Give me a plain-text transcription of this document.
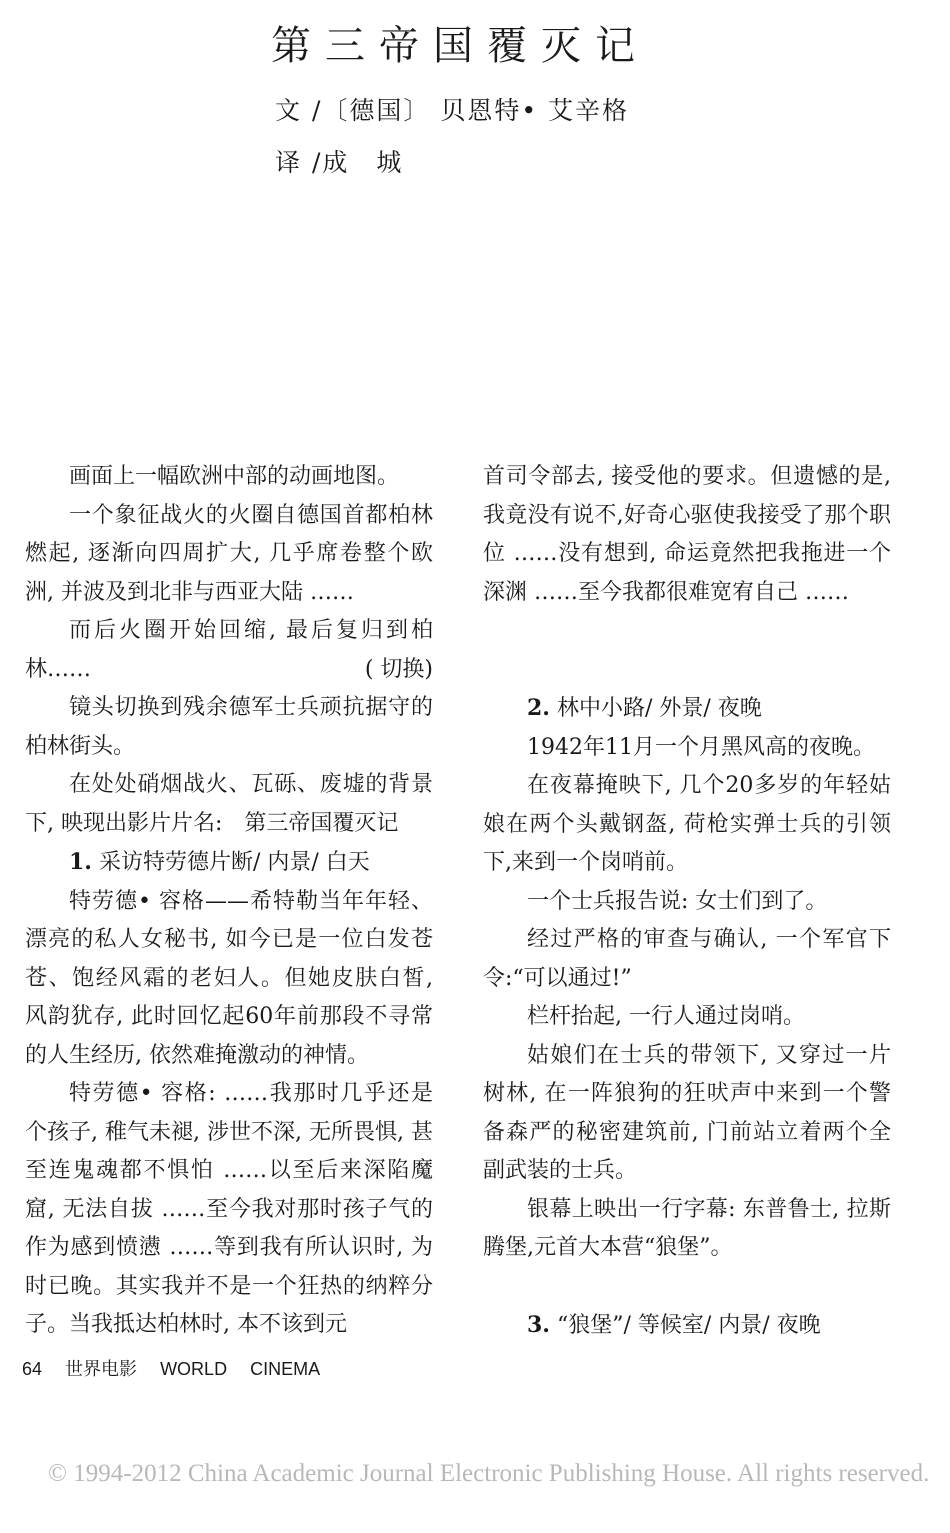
第三帝国覆灭记
文 /〔德国〕 贝恩特• 艾辛格
译 /成　城

画面上一幅欧洲中部的动画地图。

一个象征战火的火圈自德国首都柏林燃起, 逐渐向四周扩大, 几乎席卷整个欧洲, 并波及到北非与西亚大陆 ……

而后火圈开始回缩, 最后复归到柏林……	( 切换)

镜头切换到残余德军士兵顽抗据守的柏林街头。

在处处硝烟战火、瓦砾、废墟的背景下, 映现出影片片名:　第三帝国覆灭记

1. 采访特劳德片断/ 内景/ 白天

特劳德• 容格——希特勒当年年轻、漂亮的私人女秘书, 如今已是一位白发苍苍、饱经风霜的老妇人。但她皮肤白皙, 风韵犹存, 此时回忆起60年前那段不寻常的人生经历, 依然难掩激动的神情。

特劳德• 容格: ……我那时几乎还是个孩子, 稚气未褪, 涉世不深, 无所畏惧, 甚至连鬼魂都不惧怕 ……以至后来深陷魔窟, 无法自拔 ……至今我对那时孩子气的作为感到愤懑 ……等到我有所认识时, 为时已晚。其实我并不是一个狂热的纳粹分子。当我抵达柏林时, 本不该到元

首司令部去, 接受他的要求。但遗憾的是, 我竟没有说不,好奇心驱使我接受了那个职位 ……没有想到, 命运竟然把我拖进一个深渊 ……至今我都很难宽宥自己 ……

2. 林中小路/ 外景/ 夜晚

1942年11月一个月黑风高的夜晚。

在夜幕掩映下, 几个20多岁的年轻姑娘在两个头戴钢盔, 荷枪实弹士兵的引领下,来到一个岗哨前。

一个士兵报告说: 女士们到了。

经过严格的审查与确认, 一个军官下令:“可以通过!”

栏杆抬起, 一行人通过岗哨。

姑娘们在士兵的带领下, 又穿过一片树林, 在一阵狼狗的狂吠声中来到一个警备森严的秘密建筑前, 门前站立着两个全副武装的士兵。

银幕上映出一行字幕: 东普鲁士, 拉斯腾堡,元首大本营“狼堡”。

3. “狼堡”/ 等候室/ 内景/ 夜晚

64 世界电影 WORLD CINEMA
© 1994-2012 China Academic Journal Electronic Publishing House. All rights reserved.
